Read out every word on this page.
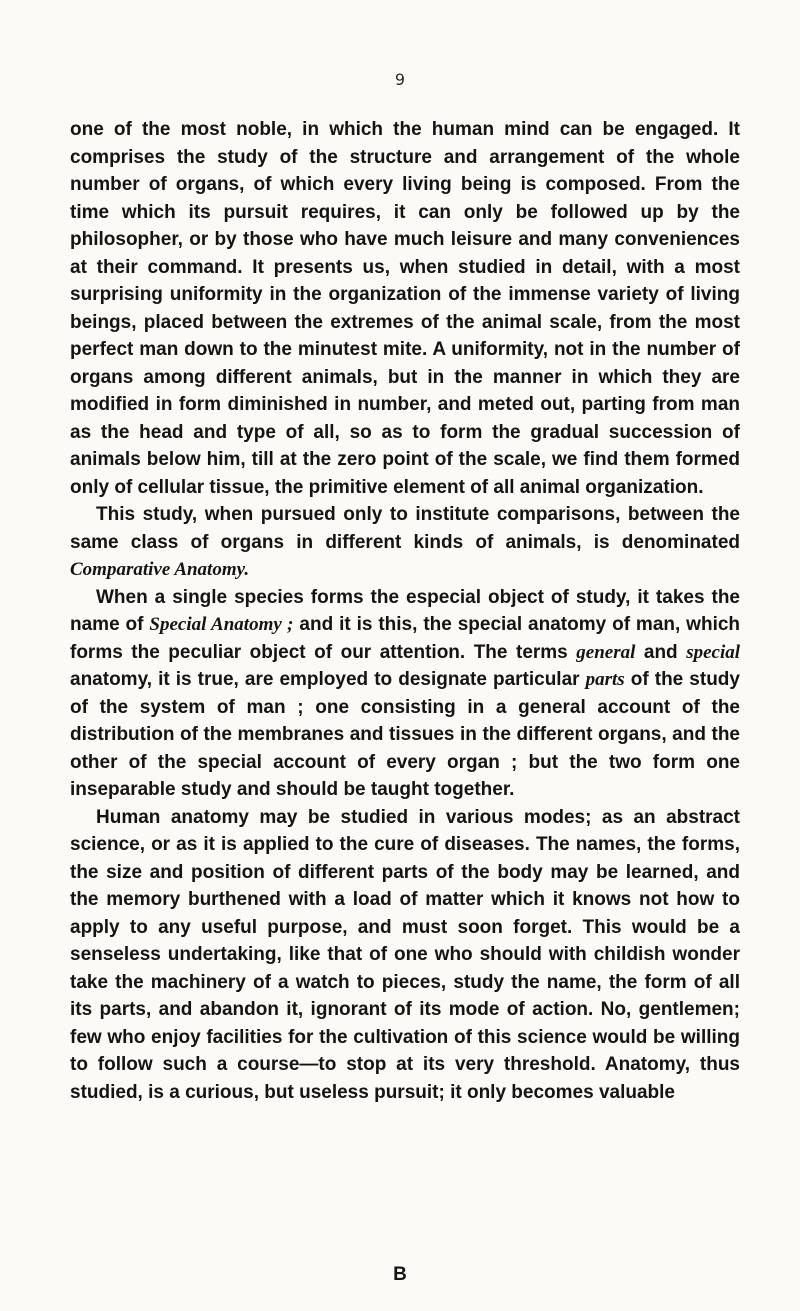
9

one of the most noble, in which the human mind can be engaged. It comprises the study of the structure and arrangement of the whole number of organs, of which every living being is composed. From the time which its pursuit requires, it can only be followed up by the philosopher, or by those who have much leisure and many conveniences at their command. It presents us, when studied in detail, with a most surprising uniformity in the organization of the immense variety of living beings, placed between the extremes of the animal scale, from the most perfect man down to the minutest mite. A uniformity, not in the number of organs among different animals, but in the manner in which they are modified in form diminished in number, and meted out, parting from man as the head and type of all, so as to form the gradual succession of animals below him, till at the zero point of the scale, we find them formed only of cellular tissue, the primitive element of all animal organization.

This study, when pursued only to institute comparisons, between the same class of organs in different kinds of animals, is denominated Comparative Anatomy.

When a single species forms the especial object of study, it takes the name of Special Anatomy ; and it is this, the special anatomy of man, which forms the peculiar object of our attention. The terms general and special anatomy, it is true, are employed to designate particular parts of the study of the system of man ; one consisting in a general account of the distribution of the membranes and tissues in the different organs, and the other of the special account of every organ ; but the two form one inseparable study and should be taught together.

Human anatomy may be studied in various modes; as an abstract science, or as it is applied to the cure of diseases. The names, the forms, the size and position of different parts of the body may be learned, and the memory burthened with a load of matter which it knows not how to apply to any useful purpose, and must soon forget. This would be a senseless undertaking, like that of one who should with childish wonder take the machinery of a watch to pieces, study the name, the form of all its parts, and abandon it, ignorant of its mode of action. No, gentlemen; few who enjoy facilities for the cultivation of this science would be willing to follow such a course—to stop at its very threshold. Anatomy, thus studied, is a curious, but useless pursuit; it only becomes valuable

B
